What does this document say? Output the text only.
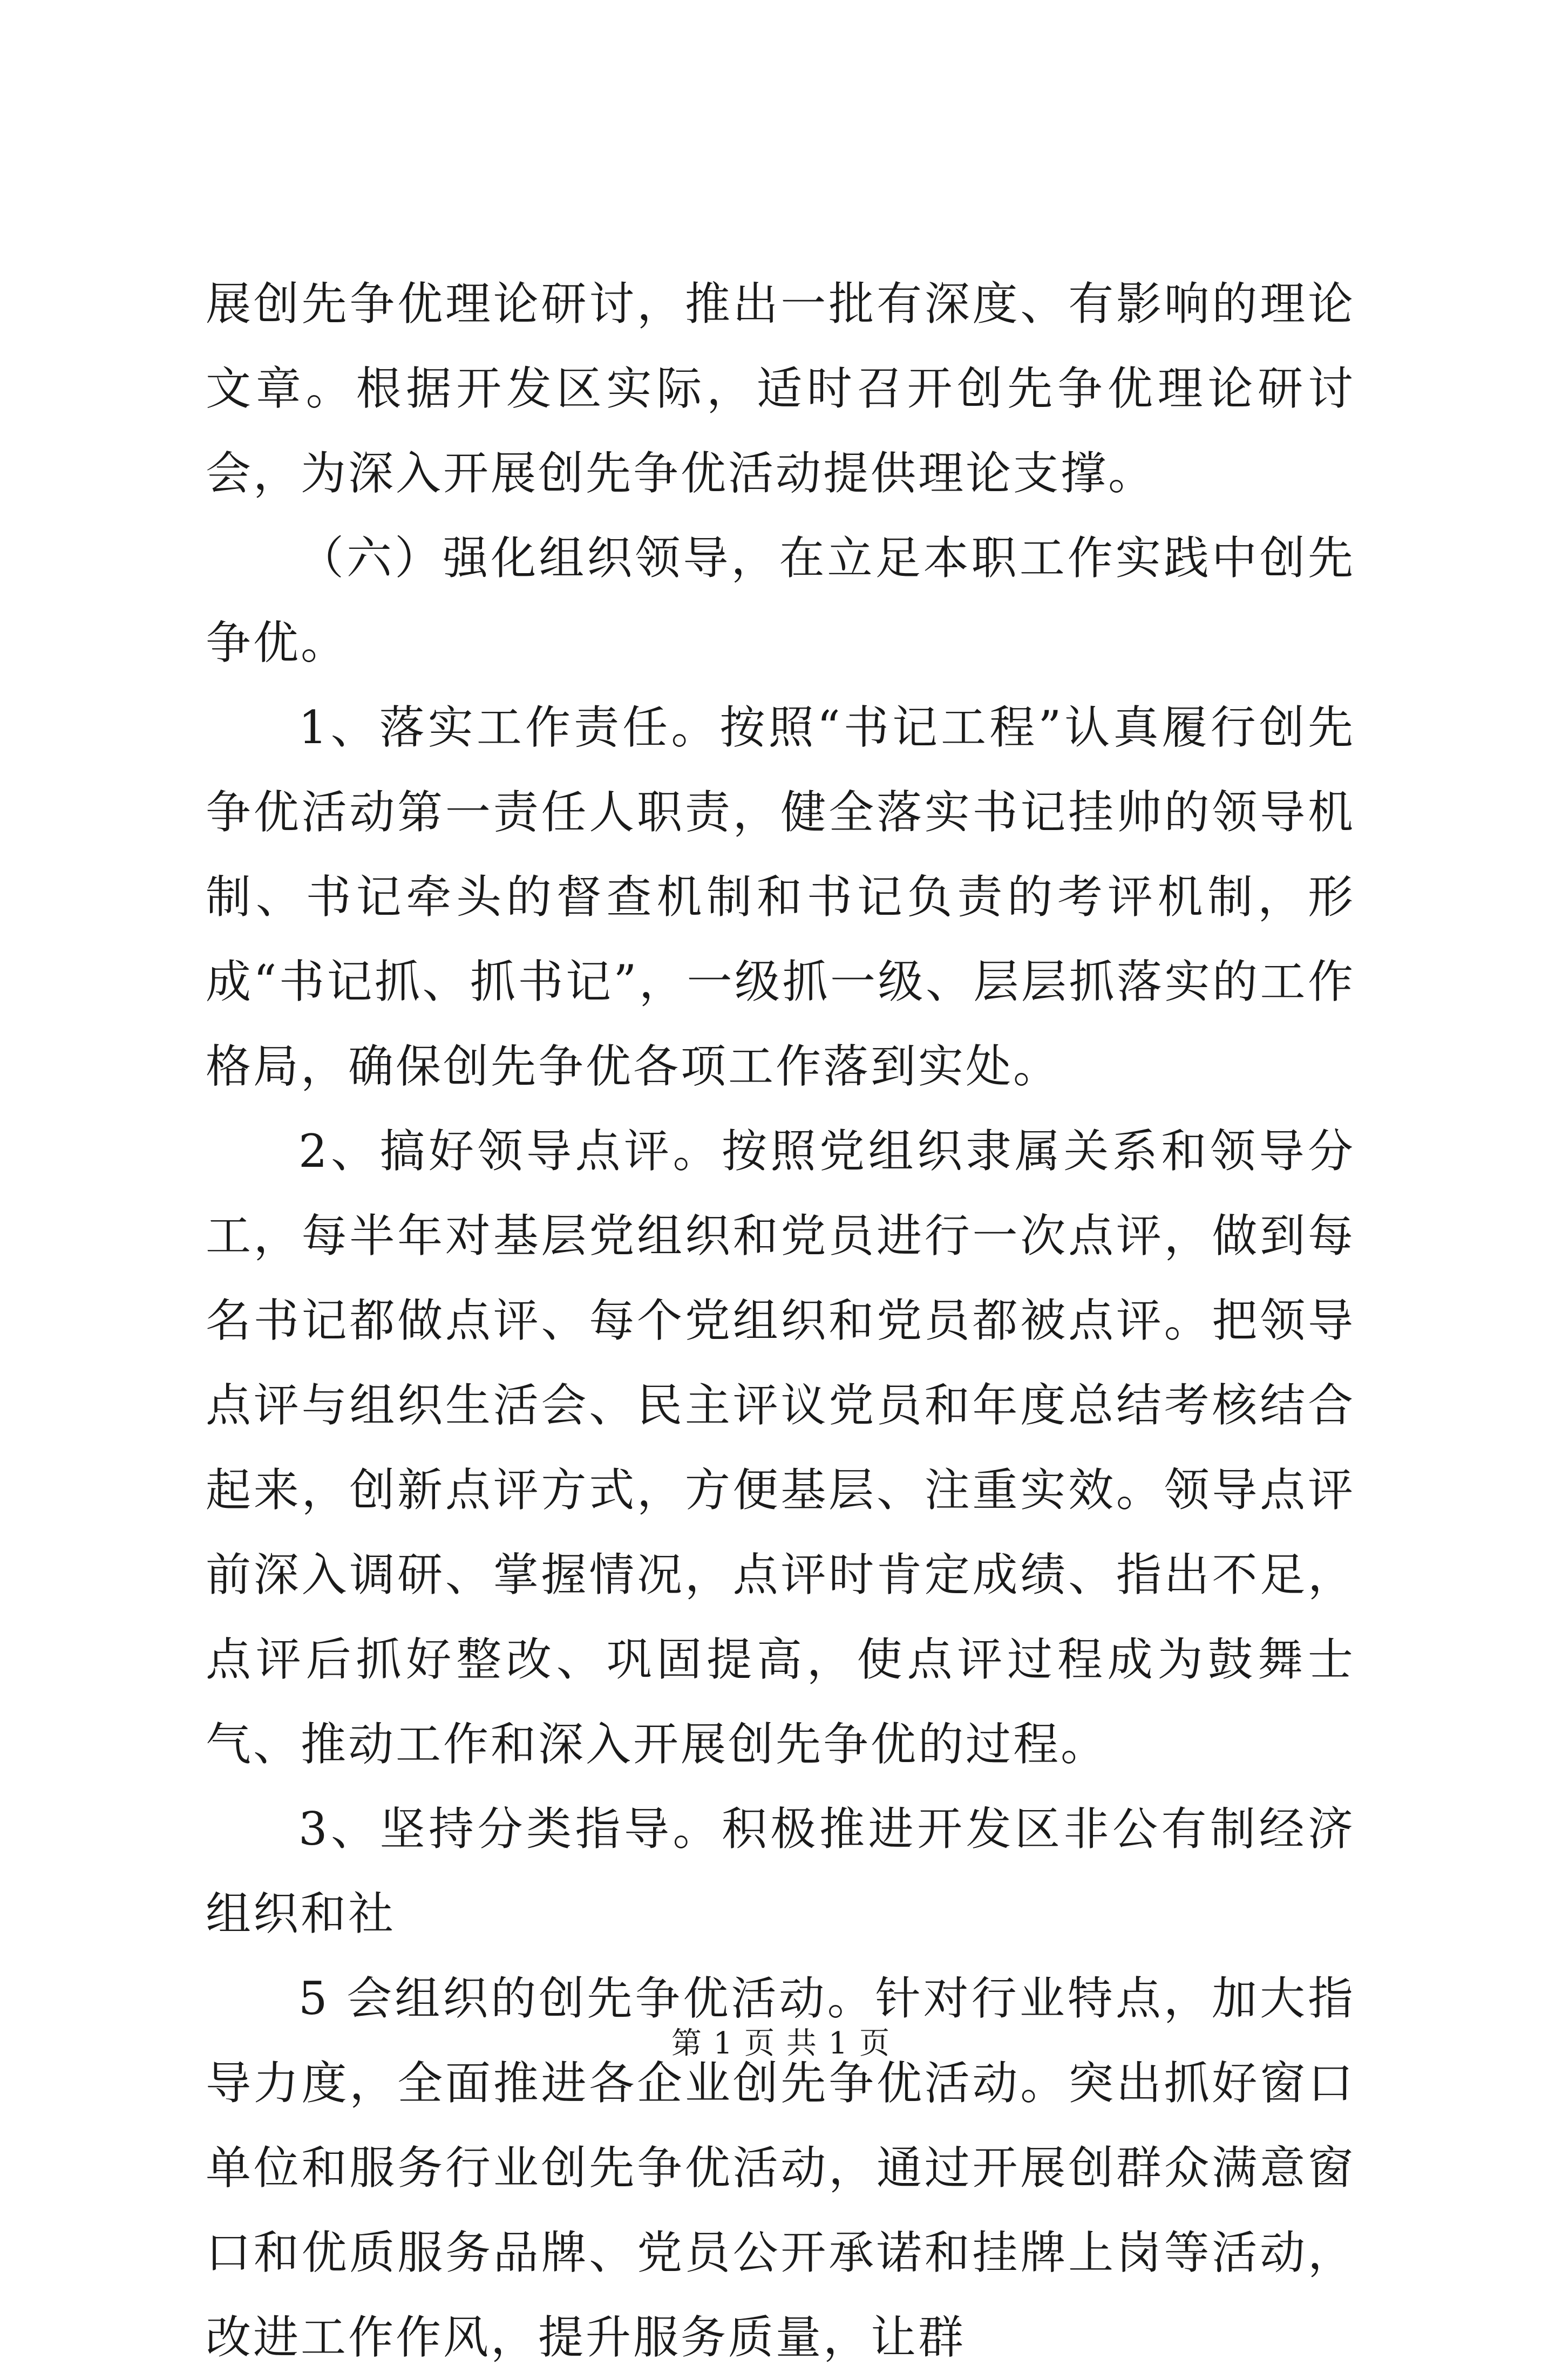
展创先争优理论研讨，推出一批有深度、有影响的理论文章。根据开发区实际，适时召开创先争优理论研讨会，为深入开展创先争优活动提供理论支撑。

（六）强化组织领导，在立足本职工作实践中创先争优。

1、落实工作责任。按照“书记工程”认真履行创先争优活动第一责任人职责，健全落实书记挂帅的领导机制、书记牵头的督查机制和书记负责的考评机制，形成“书记抓、抓书记”，一级抓一级、层层抓落实的工作格局，确保创先争优各项工作落到实处。

2、搞好领导点评。按照党组织隶属关系和领导分工，每半年对基层党组织和党员进行一次点评，做到每名书记都做点评、每个党组织和党员都被点评。把领导点评与组织生活会、民主评议党员和年度总结考核结合起来，创新点评方式，方便基层、注重实效。领导点评前深入调研、掌握情况，点评时肯定成绩、指出不足，点评后抓好整改、巩固提高，使点评过程成为鼓舞士气、推动工作和深入开展创先争优的过程。

3、坚持分类指导。积极推进开发区非公有制经济组织和社

5 会组织的创先争优活动。针对行业特点，加大指导力度，全面推进各企业创先争优活动。突出抓好窗口单位和服务行业创先争优活动，通过开展创群众满意窗口和优质服务品牌、党员公开承诺和挂牌上岗等活动，改进工作作风，提升服务质量，让群

第 1 页 共 1 页
